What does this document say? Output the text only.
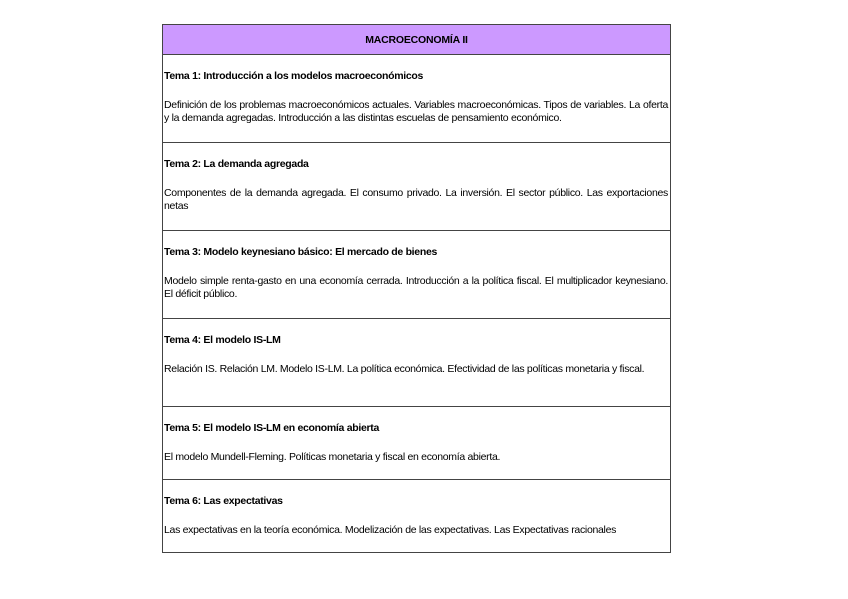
MACROECONOMÍA II
Tema 1: Introducción a los modelos macroeconómicos
Definición de los problemas macroeconómicos actuales. Variables macroeconómicas. Tipos de variables. La oferta y la demanda agregadas. Introducción a las distintas escuelas de pensamiento económico.
Tema 2: La demanda agregada
Componentes de la demanda agregada. El consumo privado. La inversión. El sector público. Las exportaciones netas
Tema 3: Modelo keynesiano básico: El mercado de bienes
Modelo simple renta-gasto en una economía cerrada. Introducción a la política fiscal. El multiplicador keynesiano. El déficit público.
Tema 4: El modelo IS-LM
Relación IS. Relación LM. Modelo IS-LM. La política económica. Efectividad de las políticas monetaria y fiscal.
Tema 5: El modelo IS-LM en economía abierta
El modelo Mundell-Fleming. Políticas monetaria y fiscal en economía abierta.
Tema 6: Las expectativas
Las expectativas en la teoría económica. Modelización de las expectativas. Las Expectativas racionales
